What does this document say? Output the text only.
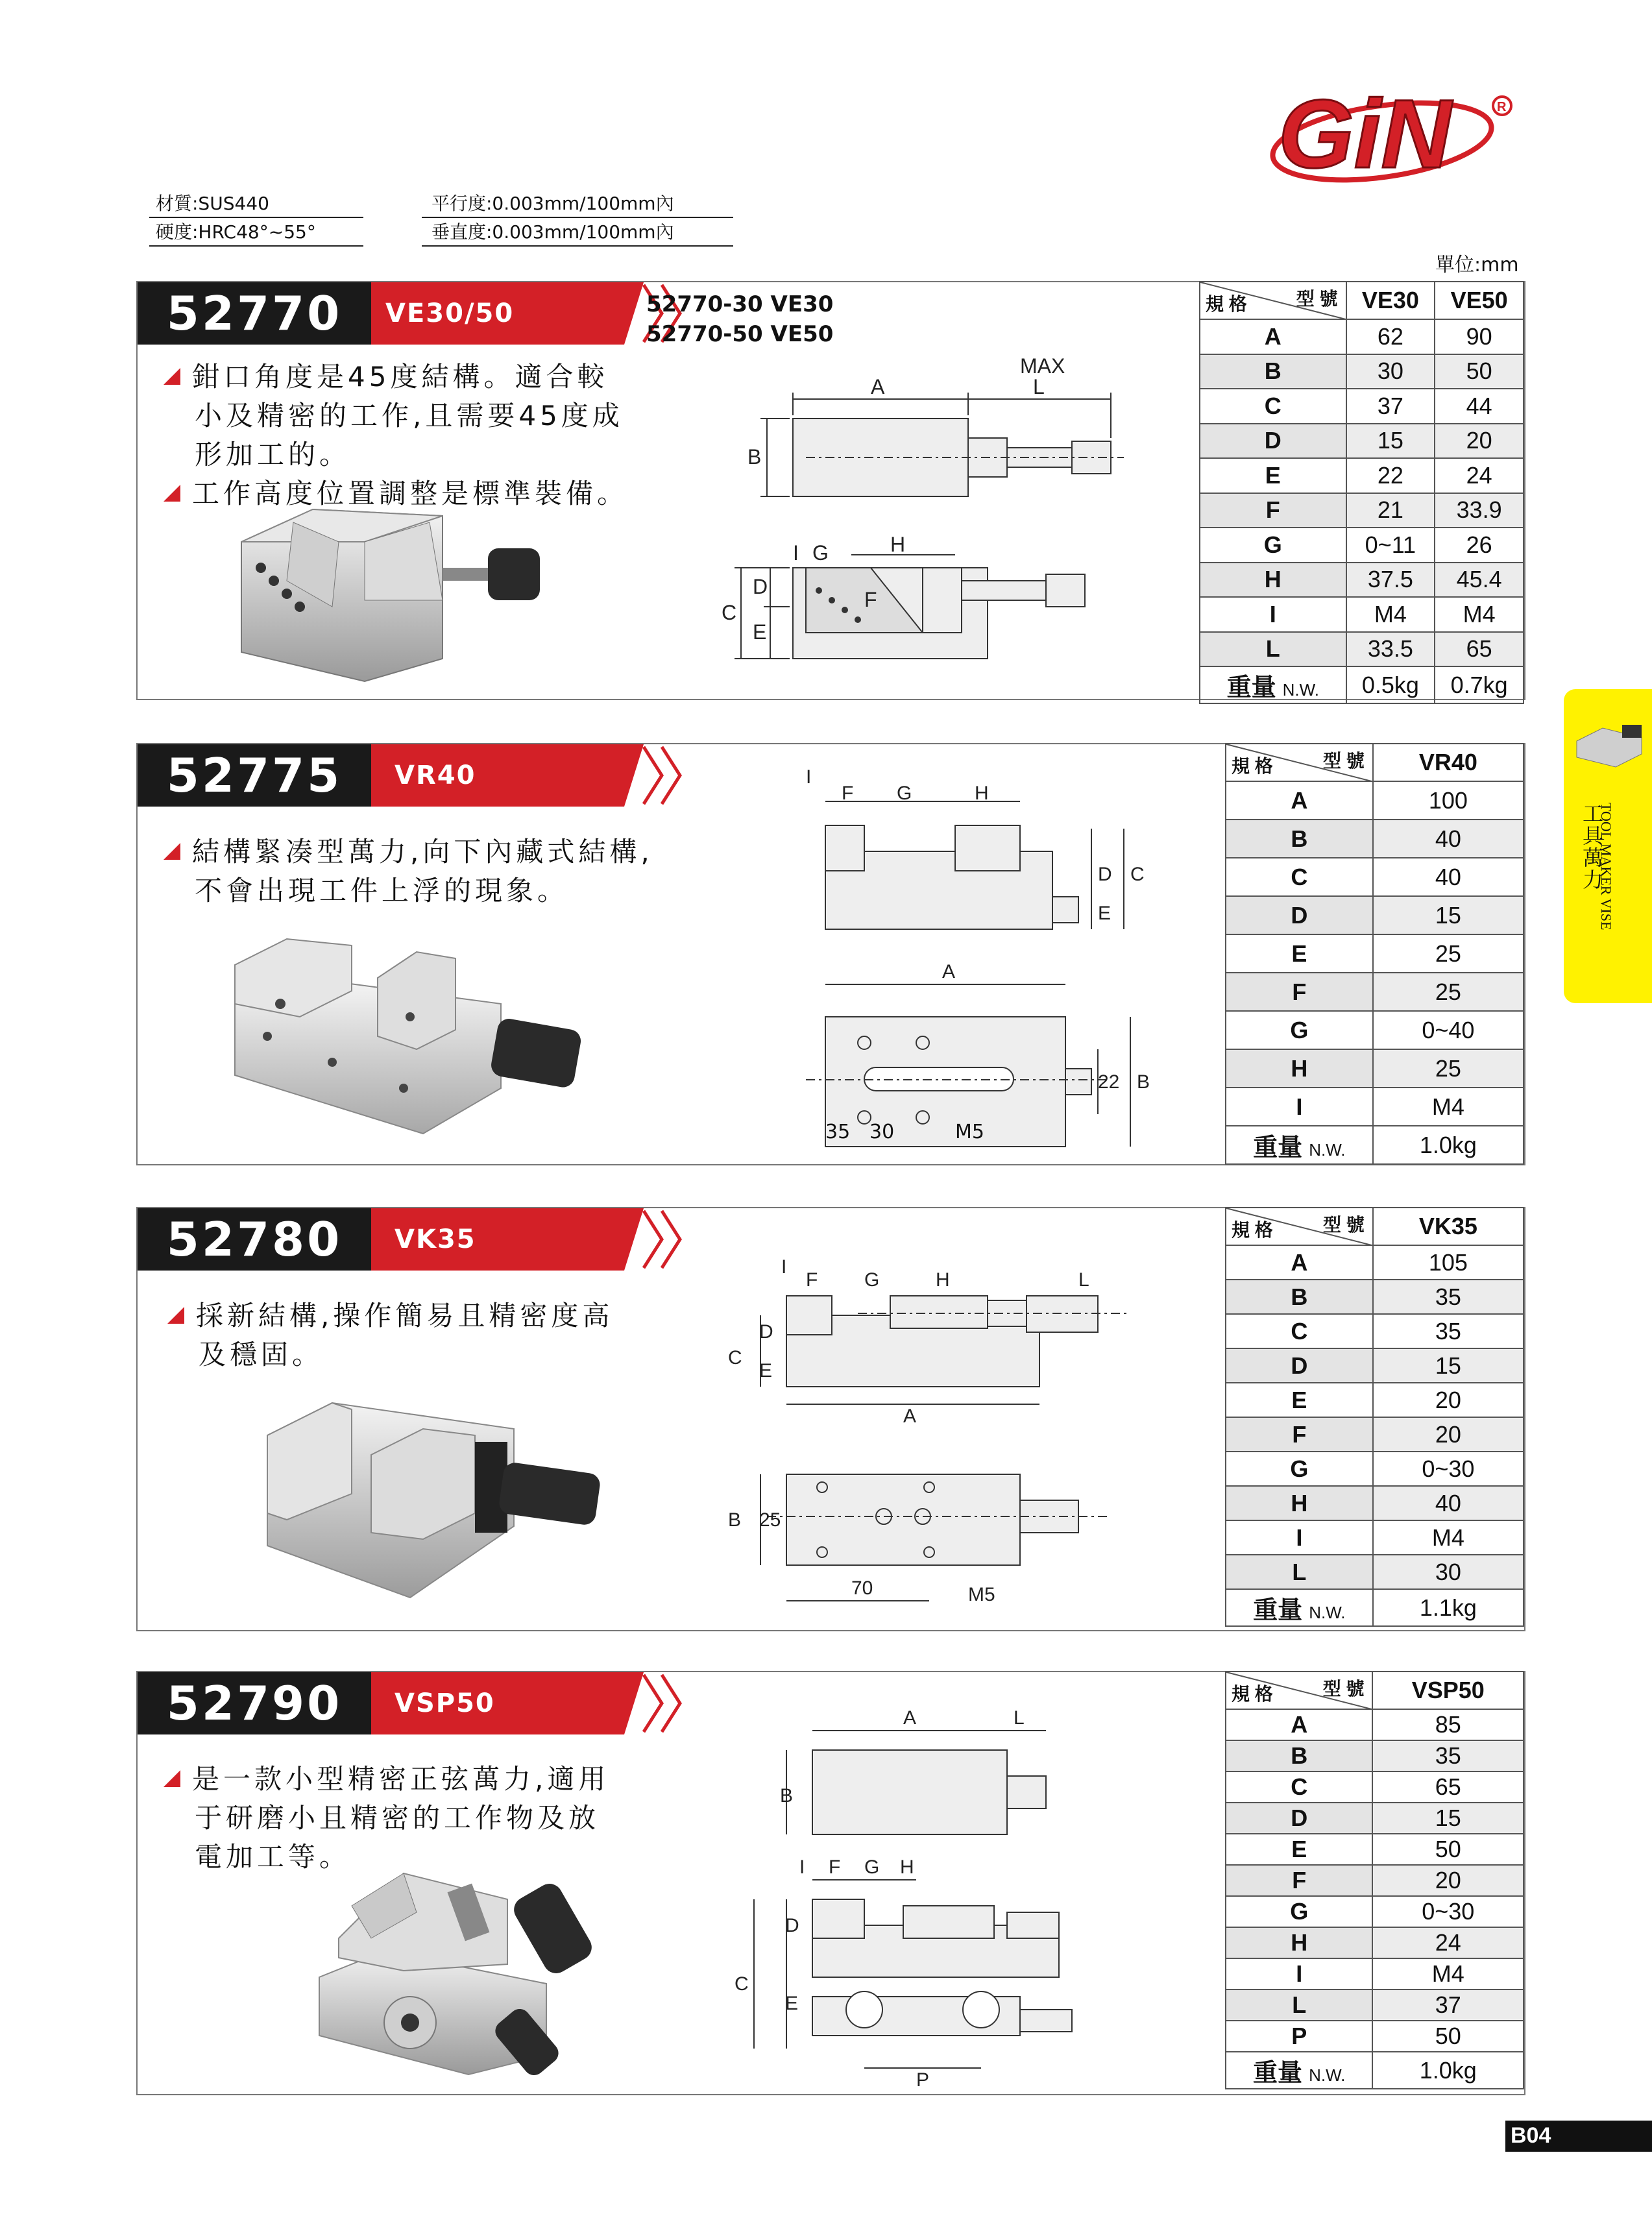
GiN	R
材質:SUS440
硬度:HRC48°~55°
平行度:0.003mm/100mm內
垂直度:0.003mm/100mm內
單位:mm
52770	VE30/50	52770-30 VE30
52770-50 VE50
鉗口角度是45度結構。適合較
小及精密的工作,且需要45度成
形加工的。
工作高度位置調整是標準裝備。
A
MAX
L
B
I G	H
F
C
D
E
型 號
規 格	VE30	VE50
A	62	90
B	30	50
C	37	44
D	15	20
E	22	24
F	21	33.9
G	0~11	26
H	37.5	45.4
I	M4	M4
L	33.5	65
重量 N.W.	0.5kg	0.7kg
52775	VR40
結構緊凑型萬力,向下內藏式結構,
不會出現工件上浮的現象。
I
F G	H
D C
E
A
22 B
35 30	M5
型 號
規 格	VR40
A	100
B	40
C	40
D	15
E	25
F	25
G	0~40
H	25
I	M4
重量 N.W.	1.0kg
52780	VK35
採新結構,操作簡易且精密度高
及穩固。
I
F G	H	L
C
D
E
A
B 25
70	M5
型 號
規 格	VK35
A	105
B	35
C	35
D	15
E	20
F	20
G	0~30
H	40
I	M4
L	30
重量 N.W.	1.1kg
52790	VSP50
是一款小型精密正弦萬力,適用
于研磨小且精密的工作物及放
電加工等。
A	L
B
I F G H
D
C
E
P
型 號
規 格	VSP50
A	85
B	35
C	65
D	15
E	50
F	20
G	0~30
H	24
I	M4
L	37
P	50
重量 N.W.	1.0kg
TOOL MAKER VISE
工具萬力
B04
